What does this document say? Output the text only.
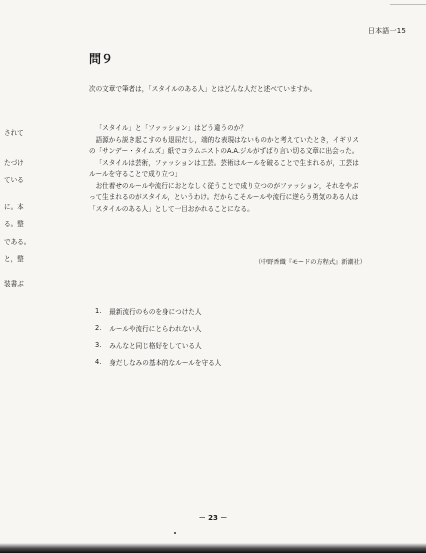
日本語一15
問９
次の文章で筆者は，「スタイルのある人」とはどんな人だと述べていますか。

「スタイル」と「ファッション」はどう違うのか？

語源から説き起こすのも退屈だし，端的な表現はないものかと考えていたとき，イギリスの「サンデー・タイムズ」紙でコラムニストのA.A.ジルがずばり言い切る文章に出会った。

「スタイルは芸術，ファッションは工芸。芸術はルールを破ることで生まれるが，工芸はルールを守ることで成り立つ」

お仕着せのルールや流行におとなしく従うことで成り立つのがファッション，それをやぶって生まれるのがスタイル，というわけ。だからこそルールや流行に逆らう勇気のある人は「スタイルのある人」として一目おかれることになる。

（中野香織『モードの方程式』新潮社）
されて
たづけ
ている
に。本
る。整
である。
と，整
装書ぶ
1. 最新流行のものを身につけた人
2. ルールや流行にとらわれない人
3. みんなと同じ格好をしている人
4. 身だしなみの基本的なルールを守る人
－ 23 －
